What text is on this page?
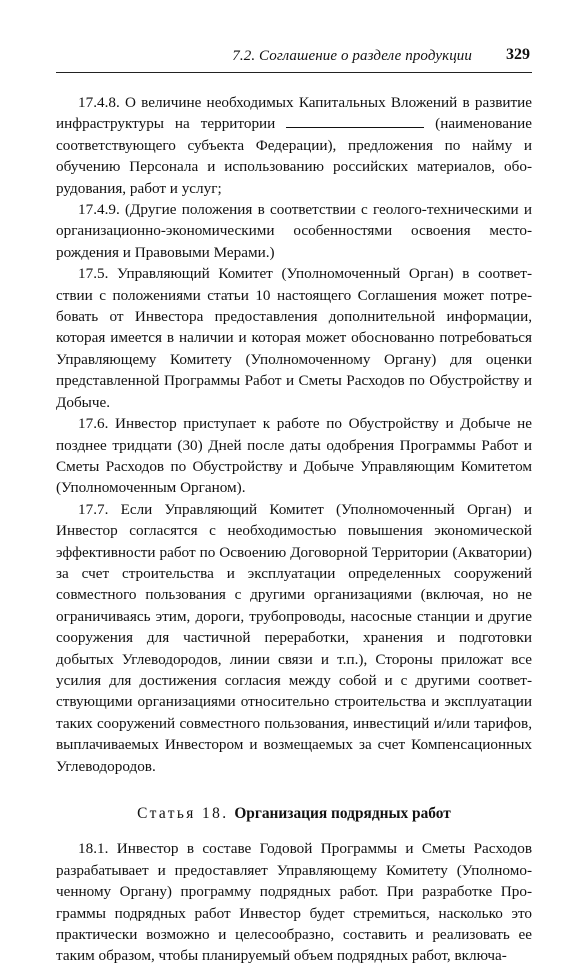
7.2. Соглашение о разделе продукции 329

17.4.8. О величине необходимых Капитальных Вложений в развитие инфраструктуры на территории	(наименование соответствующего субъекта Федерации), предложения по найму и обучению Персонала и использованию российских материалов, оборудования, работ и услуг;

17.4.9. (Другие положения в соответствии с геолого-техническими и организационно-экономическими особенностями освоения месторождения и Правовыми Мерами.)

17.5. Управляющий Комитет (Уполномоченный Орган) в соответствии с положениями статьи 10 настоящего Соглашения может потребовать от Инвестора предоставления дополнительной информации, которая имеется в наличии и которая может обоснованно потребоваться Управляющему Комитету (Уполномоченному Органу) для оценки представленной Программы Работ и Сметы Расходов по Обустройству и Добыче.

17.6. Инвестор приступает к работе по Обустройству и Добыче не позднее тридцати (30) Дней после даты одобрения Программы Работ и Сметы Расходов по Обустройству и Добыче Управляющим Комитетом (Уполномоченным Органом).

17.7. Если Управляющий Комитет (Уполномоченный Орган) и Инвестор согласятся с необходимостью повышения экономической эффективности работ по Освоению Договорной Территории (Акватории) за счет строительства и эксплуатации определенных сооружений совместного пользования с другими организациями (включая, но не ограничиваясь этим, дороги, трубопроводы, насосные станции и другие сооружения для частичной переработки, хранения и подготовки добытых Углеводородов, линии связи и т.п.), Стороны приложат все усилия для достижения согласия между собой и с другими соответствующими организациями относительно строительства и эксплуатации таких сооружений совместного пользования, инвестиций и/или тарифов, выплачиваемых Инвестором и возмещаемых за счет Компенсационных Углеводородов.

Статья 18. Организация подрядных работ

18.1. Инвестор в составе Годовой Программы и Сметы Расходов разрабатывает и предоставляет Управляющему Комитету (Уполномоченному Органу) программу подрядных работ. При разработке Программы подрядных работ Инвестор будет стремиться, насколько это практически возможно и целесообразно, составить и реализовать ее таким образом, чтобы планируемый объем подрядных работ, включа-
